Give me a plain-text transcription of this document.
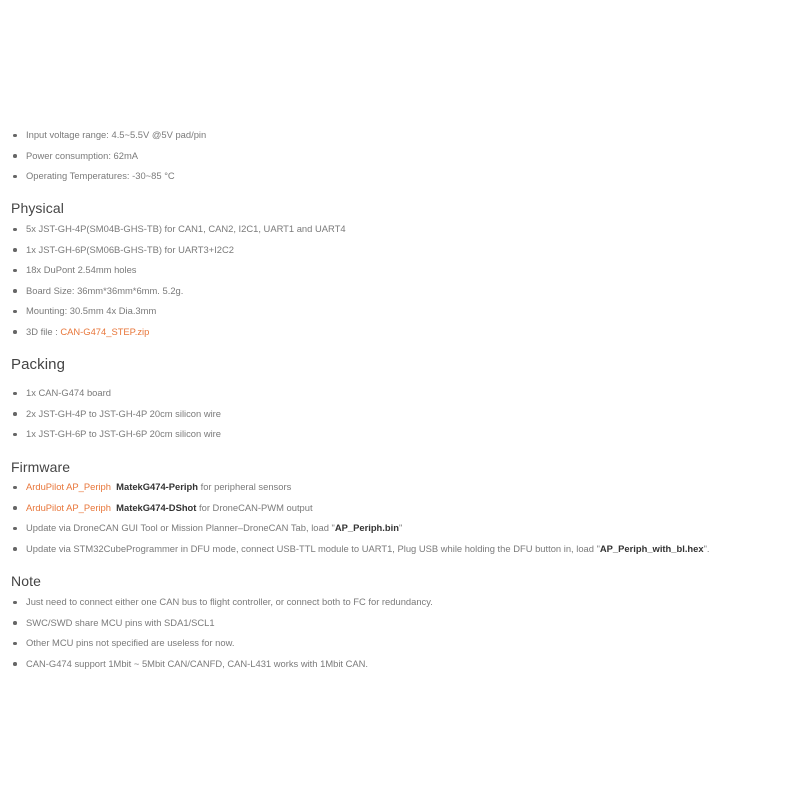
Input voltage range: 4.5~5.5V @5V pad/pin
Power consumption: 62mA
Operating Temperatures: -30~85 °C
Physical
5x JST-GH-4P(SM04B-GHS-TB) for CAN1, CAN2, I2C1, UART1 and UART4
1x JST-GH-6P(SM06B-GHS-TB) for UART3+I2C2
18x DuPont 2.54mm holes
Board Size: 36mm*36mm*6mm. 5.2g.
Mounting: 30.5mm 4x Dia.3mm
3D file : CAN-G474_STEP.zip
Packing
1x CAN-G474 board
2x JST-GH-4P to JST-GH-4P 20cm silicon wire
1x JST-GH-6P to JST-GH-6P 20cm silicon wire
Firmware
ArduPilot AP_Periph MatekG474-Periph for peripheral sensors
ArduPilot AP_Periph MatekG474-DShot for DroneCAN-PWM output
Update via DroneCAN GUI Tool or Mission Planner–DroneCAN Tab, load "AP_Periph.bin"
Update via STM32CubeProgrammer in DFU mode, connect USB-TTL module to UART1, Plug USB while holding the DFU button in, load "AP_Periph_with_bl.hex".
Note
Just need to connect either one CAN bus to flight controller, or connect both to FC for redundancy.
SWC/SWD share MCU pins with SDA1/SCL1
Other MCU pins not specified are useless for now.
CAN-G474 support 1Mbit ~ 5Mbit CAN/CANFD, CAN-L431 works with 1Mbit CAN.
